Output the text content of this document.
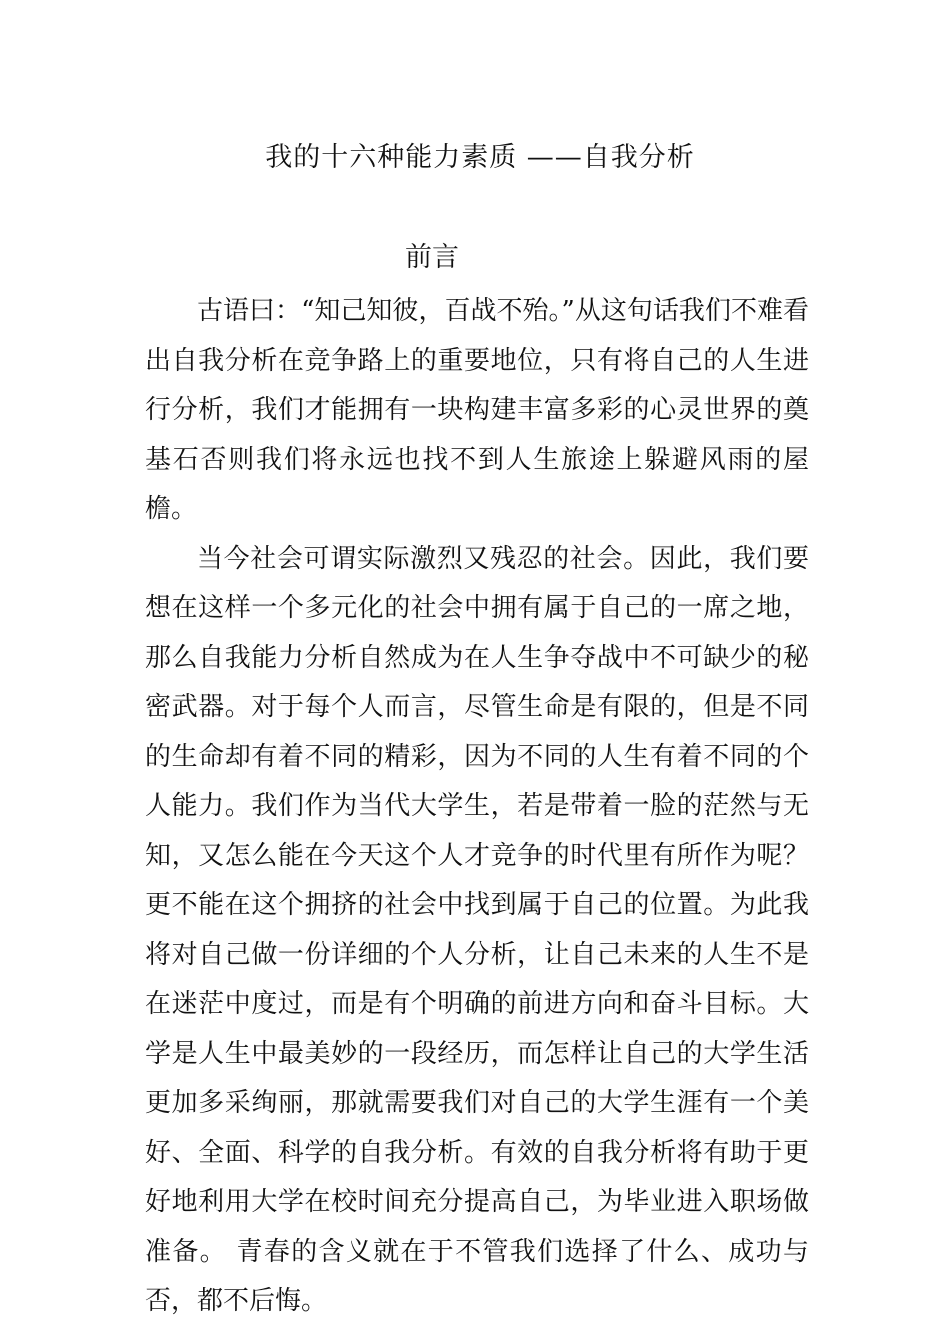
我的十六种能力素质 ——自我分析
前言

古语曰：“知己知彼，百战不殆。”从这句话我们不难看出自我分析在竞争路上的重要地位，只有将自己的人生进行分析，我们才能拥有一块构建丰富多彩的心灵世界的奠基石否则我们将永远也找不到人生旅途上躲避风雨的屋檐。

当今社会可谓实际激烈又残忍的社会。因此，我们要想在这样一个多元化的社会中拥有属于自己的一席之地，那么自我能力分析自然成为在人生争夺战中不可缺少的秘密武器。对于每个人而言，尽管生命是有限的，但是不同的生命却有着不同的精彩，因为不同的人生有着不同的个人能力。我们作为当代大学生，若是带着一脸的茫然与无知，又怎么能在今天这个人才竞争的时代里有所作为呢？更不能在这个拥挤的社会中找到属于自己的位置。为此我将对自己做一份详细的个人分析，让自己未来的人生不是在迷茫中度过，而是有个明确的前进方向和奋斗目标。大学是人生中最美妙的一段经历，而怎样让自己的大学生活更加多采绚丽，那就需要我们对自己的大学生涯有一个美好、全面、科学的自我分析。有效的自我分析将有助于更好地利用大学在校时间充分提高自己，为毕业进入职场做准备。 青春的含义就在于不管我们选择了什么、成功与否，都不后悔。
